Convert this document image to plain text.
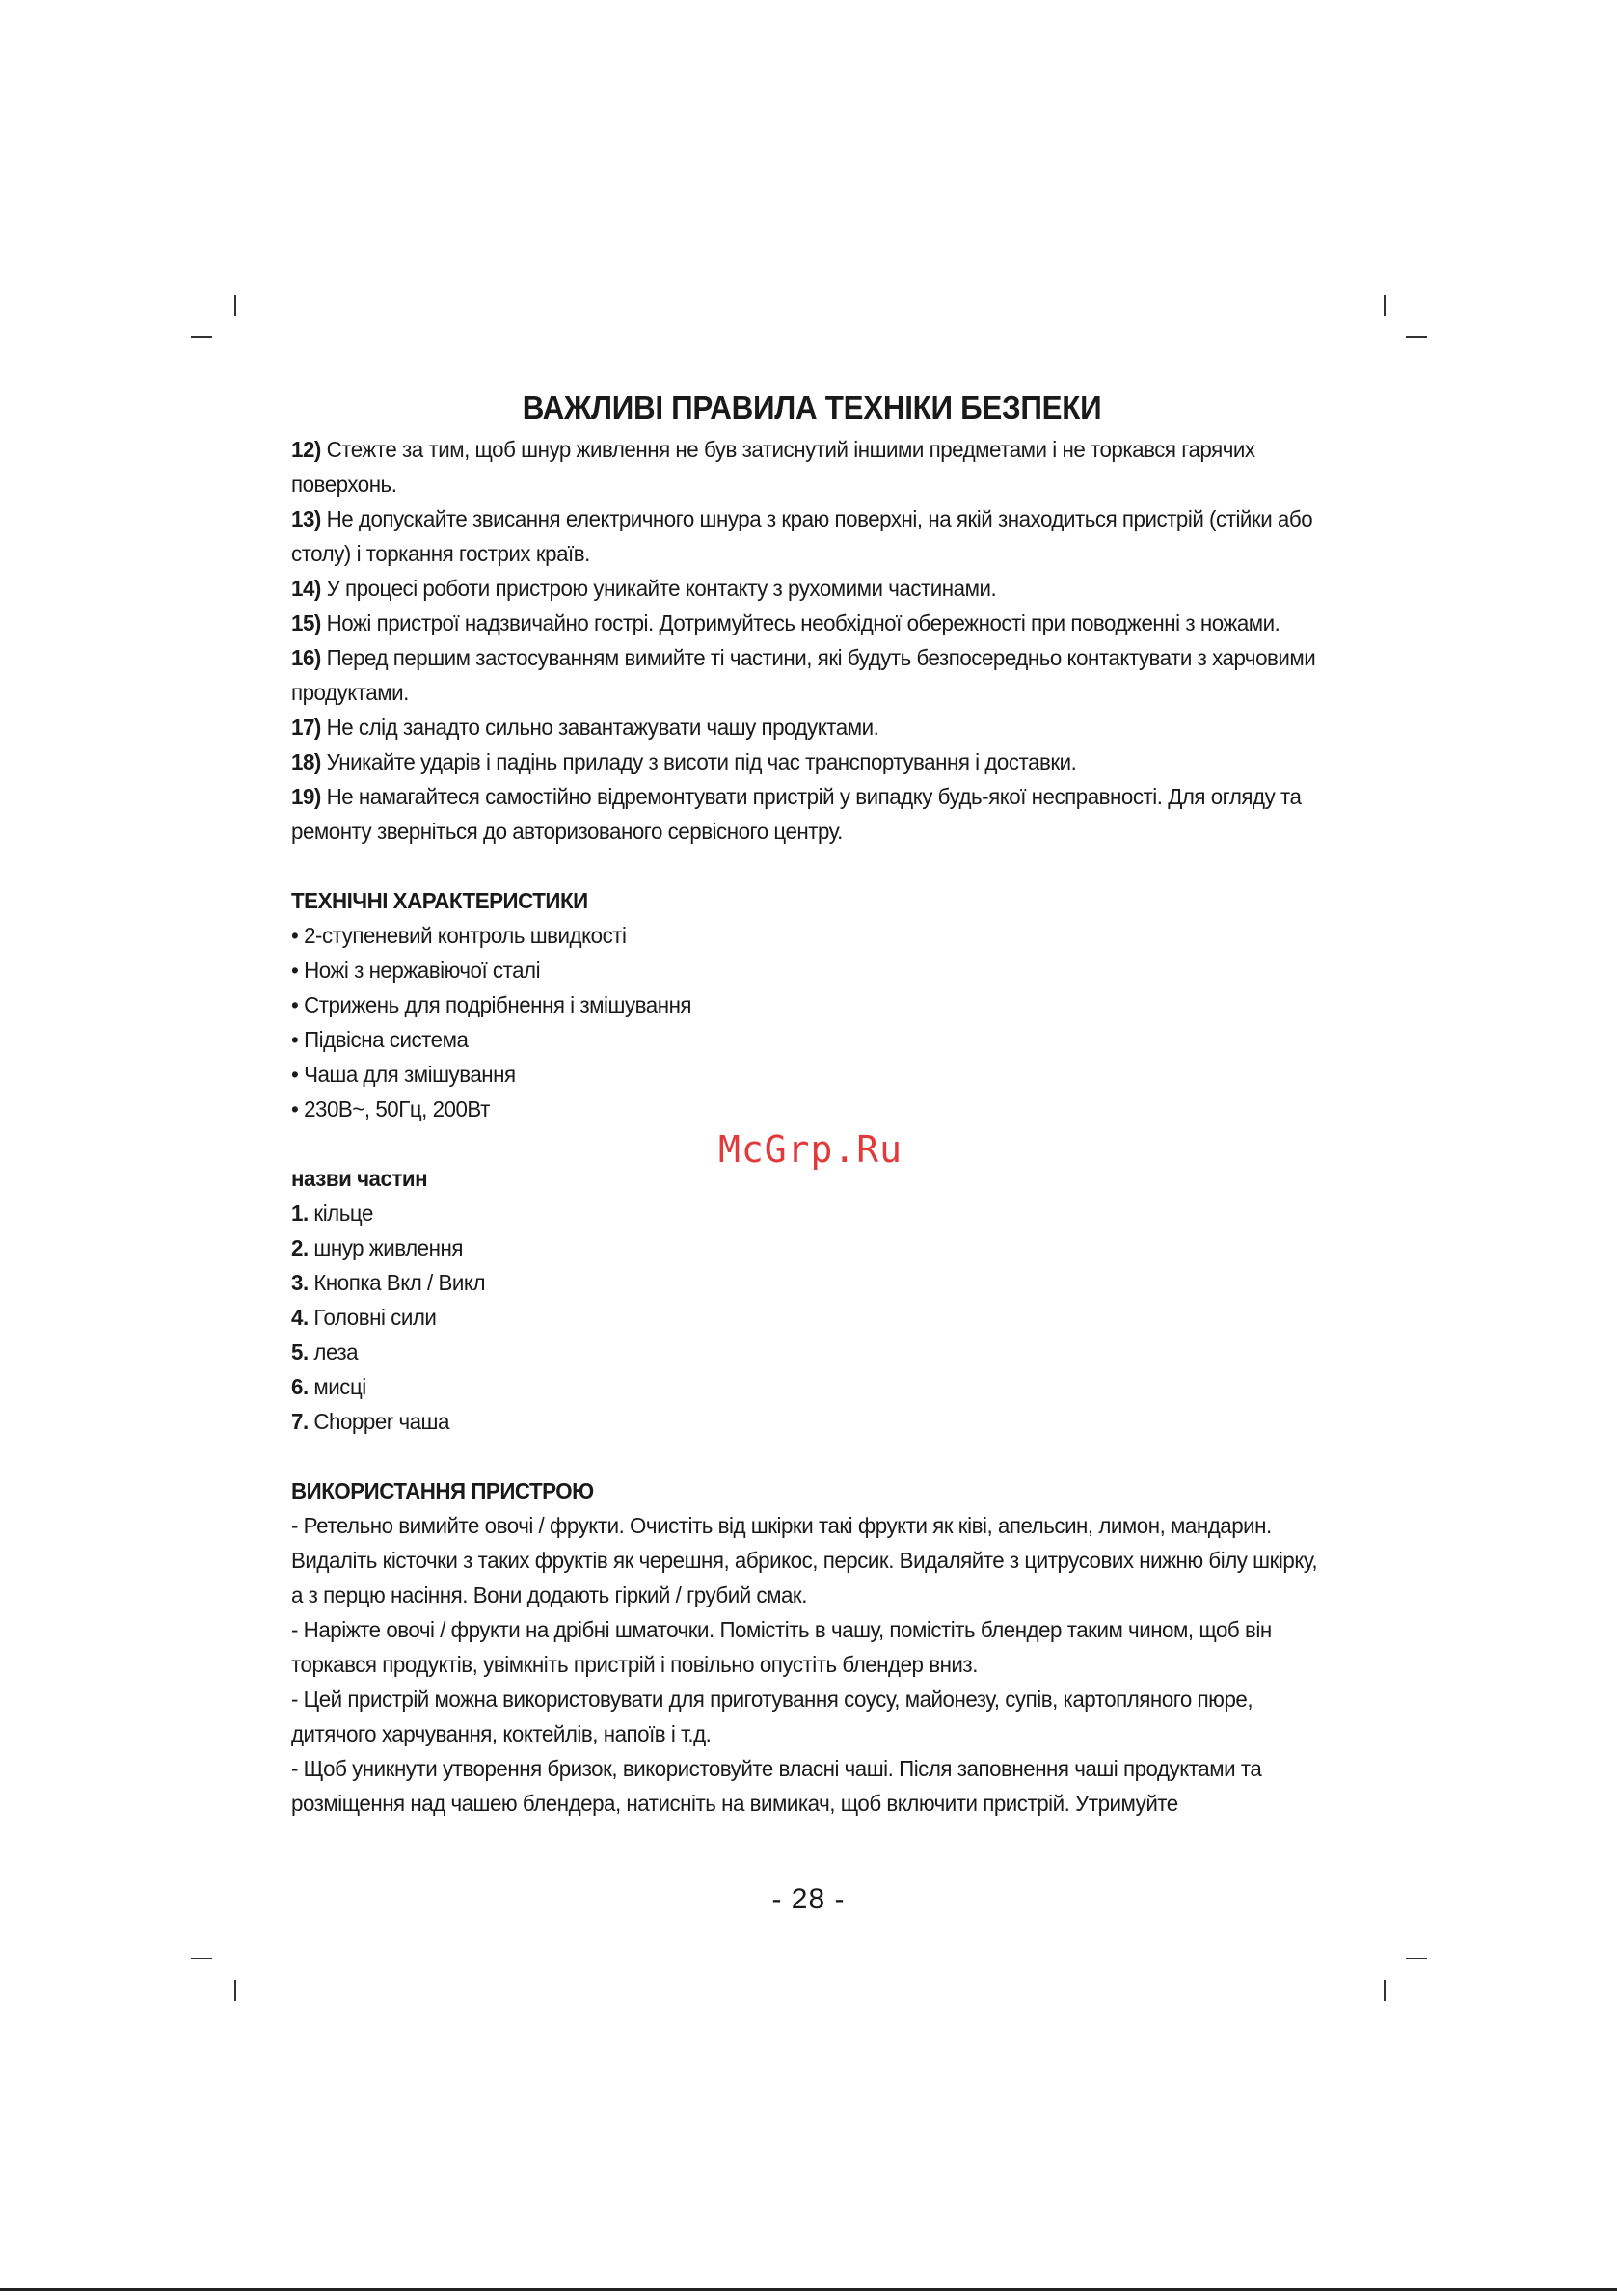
ВАЖЛИВІ ПРАВИЛА ТЕХНІКИ БЕЗПЕКИ

12) Стежте за тим, щоб шнур живлення не був затиснутий іншими предметами і не торкався гарячих поверхонь.

13) Не допускайте звисання електричного шнура з краю поверхні, на якій знаходиться пристрій (стійки або столу) і торкання гострих країв.

14) У процесі роботи пристрою уникайте контакту з рухомими частинами.

15) Ножі пристрої надзвичайно гострі. Дотримуйтесь необхідної обережності при поводженні з ножами.

16) Перед першим застосуванням вимийте ті частини, які будуть безпосередньо контактувати з харчовими продуктами.

17) Не слід занадто сильно завантажувати чашу продуктами.

18) Уникайте ударів і падінь приладу з висоти під час транспортування і доставки.

19) Не намагайтеся самостійно відремонтувати пристрій у випадку будь-якої несправності. Для огляду та ремонту зверніться до авторизованого сервісного центру.

ТЕХНІЧНІ ХАРАКТЕРИСТИКИ

• 2-ступеневий контроль швидкості

• Ножі з нержавіючої сталі

• Стрижень для подрібнення і змішування

• Підвісна система

• Чаша для змішування

• 230В~, 50Гц, 200Вт

назви частин

1. кільце

2. шнур живлення

3. Кнопка Вкл / Викл

4. Головні сили

5. леза

6. мисці

7. Chopper чаша

ВИКОРИСТАННЯ ПРИСТРОЮ

- Ретельно вимийте овочі / фрукти. Очистіть від шкірки такі фрукти як ківі, апельсин, лимон, мандарин. Видаліть кісточки з таких фруктів як черешня, абрикос, персик. Видаляйте з цитрусових нижню білу шкірку, а з перцю насіння. Вони додають гіркий / грубий смак.

- Наріжте овочі / фрукти на дрібні шматочки. Помістіть в чашу, помістіть блендер таким чином, щоб він торкався продуктів, увімкніть пристрій і повільно опустіть блендер вниз.

- Цей пристрій можна використовувати для приготування соусу, майонезу, супів, картопляного пюре, дитячого харчування, коктейлів, напоїв і т.д.

- Щоб уникнути утворення бризок, використовуйте власні чаші. Після заповнення чаші продуктами та розміщення над чашею блендера, натисніть на вимикач, щоб включити пристрій. Утримуйте

McGrp.Ru
- 28 -
